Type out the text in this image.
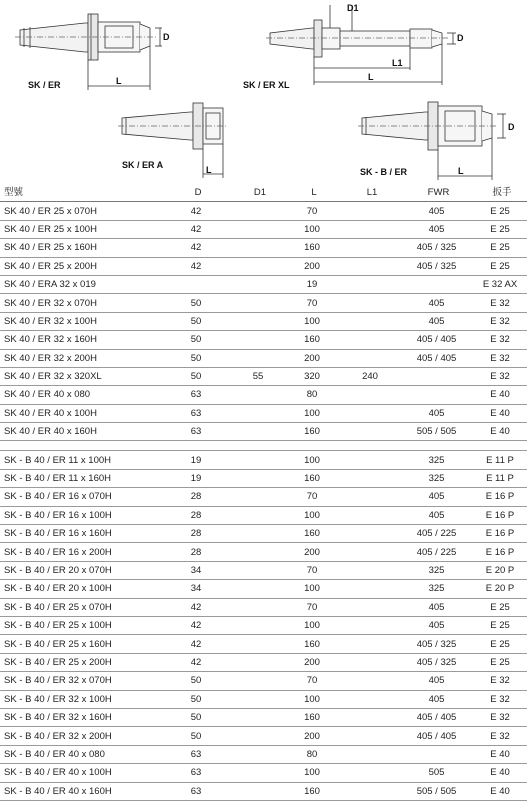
SK / ER
D
L	SK / ER XL
D1
D
L1
L
SK / ER A	L	SK - B / ER
D
L
型號	D	D1	L	L1	FWR	扳手
SK 40 / ER 25 x 070H	42		70		405	E 25
SK 40 / ER 25 x 100H	42		100		405	E 25
SK 40 / ER 25 x 160H	42		160		405 / 325	E 25
SK 40 / ER 25 x 200H	42		200		405 / 325	E 25
SK 40 / ERA 32 x 019			19			E 32 AX
SK 40 / ER 32 x 070H	50		70		405	E 32
SK 40 / ER 32 x 100H	50		100		405	E 32
SK 40 / ER 32 x 160H	50		160		405 / 405	E 32
SK 40 / ER 32 x 200H	50		200		405 / 405	E 32
SK 40 / ER 32 x 320XL	50	55	320	240		E 32
SK 40 / ER 40 x 080	63		80			E 40
SK 40 / ER 40 x 100H	63		100		405	E 40
SK 40 / ER 40 x 160H	63		160		505 / 505	E 40

SK - B 40 / ER 11 x 100H	19		100		325	E 11 P
SK - B 40 / ER 11 x 160H	19		160		325	E 11 P
SK - B 40 / ER 16 x 070H	28		70		405	E 16 P
SK - B 40 / ER 16 x 100H	28		100		405	E 16 P
SK - B 40 / ER 16 x 160H	28		160		405 / 225	E 16 P
SK - B 40 / ER 16 x 200H	28		200		405 / 225	E 16 P
SK - B 40 / ER 20 x 070H	34		70		325	E 20 P
SK - B 40 / ER 20 x 100H	34		100		325	E 20 P
SK - B 40 / ER 25 x 070H	42		70		405	E 25
SK - B 40 / ER 25 x 100H	42		100		405	E 25
SK - B 40 / ER 25 x 160H	42		160		405 / 325	E 25
SK - B 40 / ER 25 x 200H	42		200		405 / 325	E 25
SK - B 40 / ER 32 x 070H	50		70		405	E 32
SK - B 40 / ER 32 x 100H	50		100		405	E 32
SK - B 40 / ER 32 x 160H	50		160		405 / 405	E 32
SK - B 40 / ER 32 x 200H	50		200		405 / 405	E 32
SK - B 40 / ER 40 x 080	63		80			E 40
SK - B 40 / ER 40 x 100H	63		100		505	E 40
SK - B 40 / ER 40 x 160H	63		160		505 / 505	E 40
